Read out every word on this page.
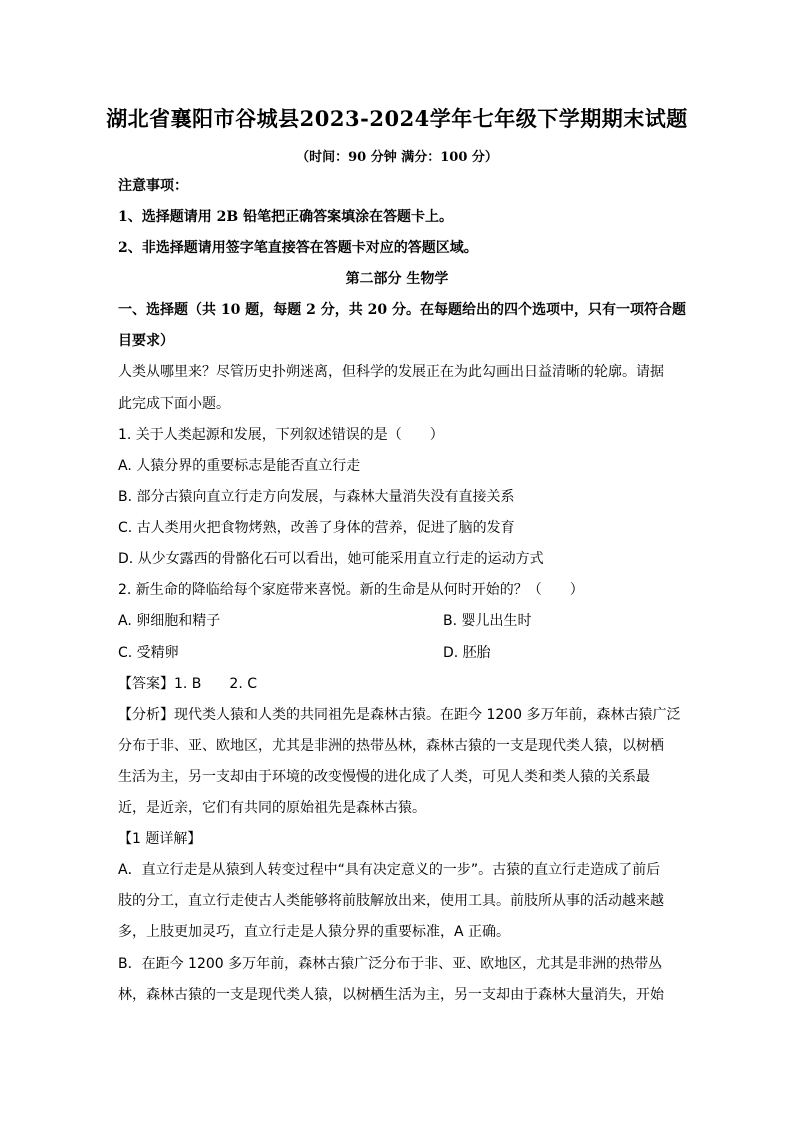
湖北省襄阳市谷城县2023-2024学年七年级下学期期末试题
（时间：90 分钟 满分：100 分）
注意事项：
1、选择题请用 2B 铅笔把正确答案填涂在答题卡上。
2、非选择题请用签字笔直接答在答题卡对应的答题区域。
第二部分 生物学
一、选择题（共 10 题，每题 2 分，共 20 分。在每题给出的四个选项中，只有一项符合题
目要求）
人类从哪里来？尽管历史扑朔迷离，但科学的发展正在为此勾画出日益清晰的轮廓。请据
此完成下面小题。
1. 关于人类起源和发展，下列叙述错误的是（　　）
A. 人猿分界的重要标志是能否直立行走
B. 部分古猿向直立行走方向发展，与森林大量消失没有直接关系
C. 古人类用火把食物烤熟，改善了身体的营养，促进了脑的发育
D. 从少女露西的骨骼化石可以看出，她可能采用直立行走的运动方式
2. 新生命的降临给每个家庭带来喜悦。新的生命是从何时开始的？（　　）
A. 卵细胞和精子	B. 婴儿出生时
C. 受精卵	D. 胚胎
【答案】1. B　　2. C
【分析】现代类人猿和人类的共同祖先是森林古猿。在距今 1200 多万年前，森林古猿广泛
分布于非、亚、欧地区，尤其是非洲的热带丛林，森林古猿的一支是现代类人猿，以树栖
生活为主，另一支却由于环境的改变慢慢的进化成了人类，可见人类和类人猿的关系最
近，是近亲，它们有共同的原始祖先是森林古猿。
【1 题详解】
A．直立行走是从猿到人转变过程中“具有决定意义的一步”。古猿的直立行走造成了前后
肢的分工，直立行走使古人类能够将前肢解放出来，使用工具。前肢所从事的活动越来越
多，上肢更加灵巧，直立行走是人猿分界的重要标准，A 正确。
B．在距今 1200 多万年前，森林古猿广泛分布于非、亚、欧地区，尤其是非洲的热带丛
林，森林古猿的一支是现代类人猿，以树栖生活为主，另一支却由于森林大量消失，开始
